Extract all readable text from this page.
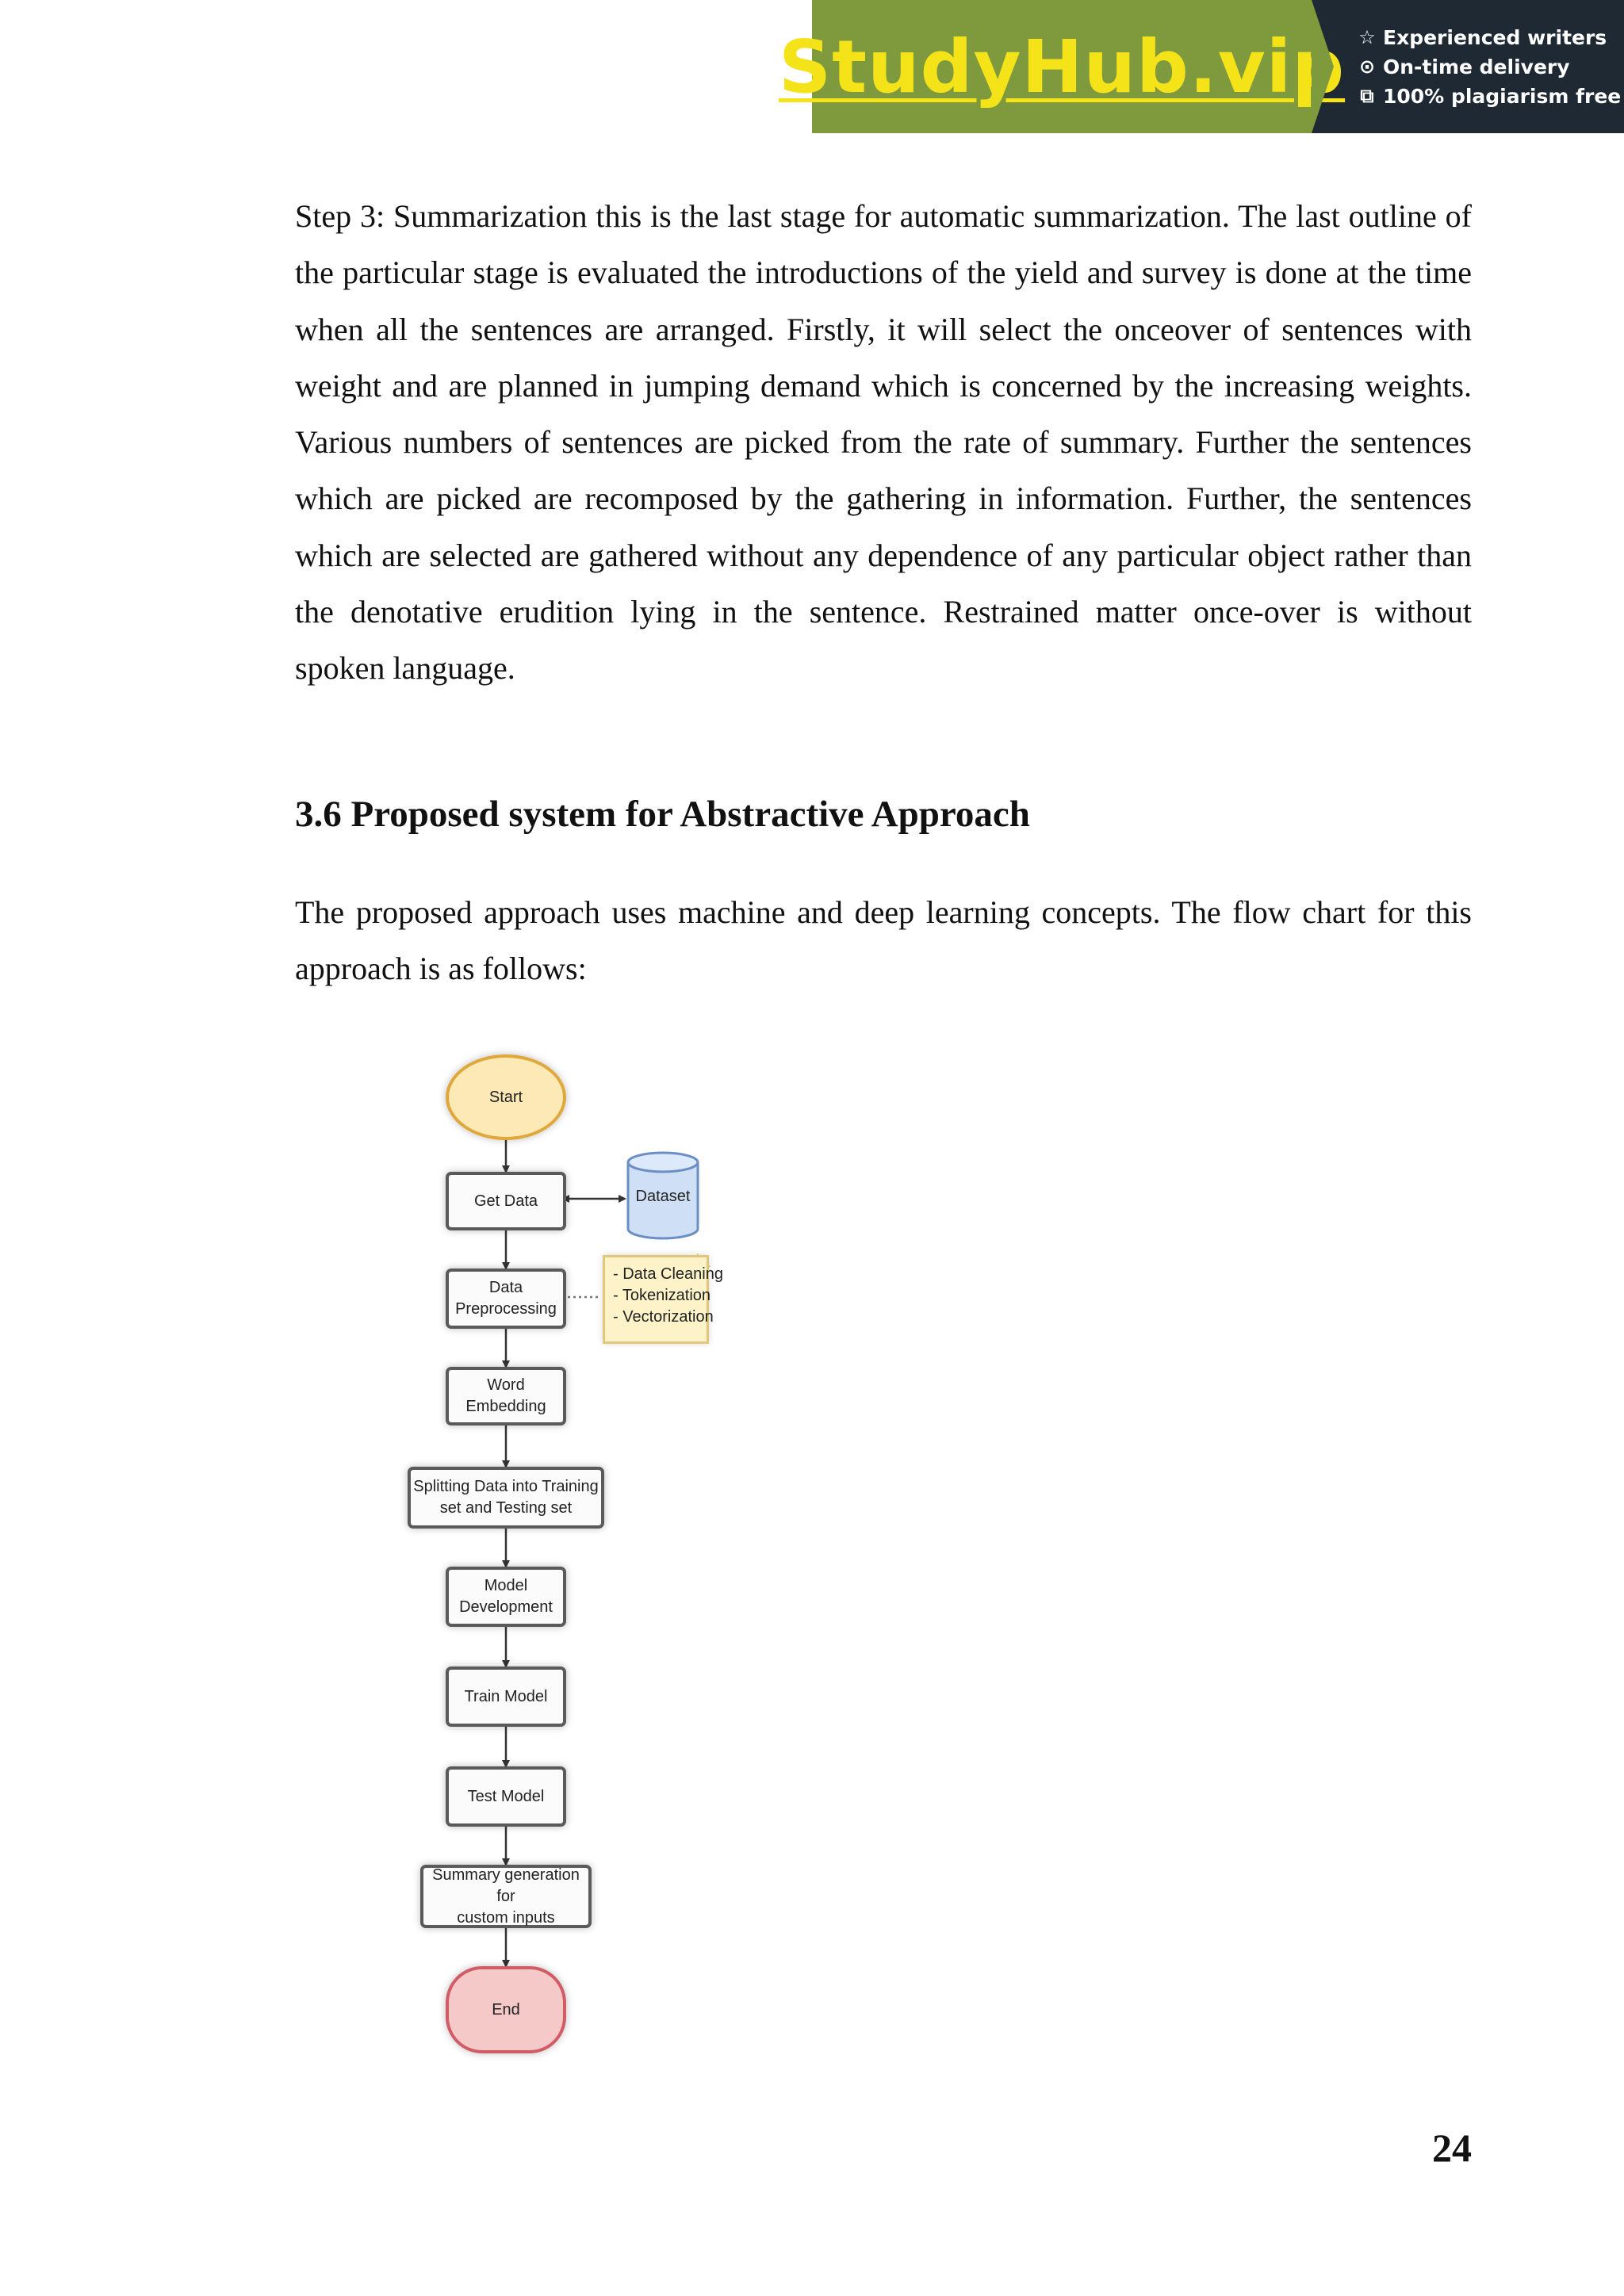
StudyHub.vip ☆ Experienced writers
⊙ On-time delivery
⧉ 100% plagiarism free

Step 3: Summarization this is the last stage for automatic summarization. The last outline of the particular stage is evaluated the introductions of the yield and survey is done at the time when all the sentences are arranged. Firstly, it will select the onceover of sentences with weight and are planned in jumping demand which is concerned by the increasing weights. Various numbers of sentences are picked from the rate of summary. Further the sentences which are picked are recomposed by the gathering in information. Further, the sentences which are selected are gathered without any dependence of any particular object rather than the denotative erudition lying in the sentence. Restrained matter once-over is without spoken language.

3.6 Proposed system for Abstractive Approach

The proposed approach uses machine and deep learning concepts. The flow chart for this approach is as follows:

Start
Get Data	Dataset
Data
Preprocessing
- Data Cleaning
- Tokenization
- Vectorization
Word Embedding
Splitting Data into Training
set and Testing set
Model
Development
Train Model
Test Model
Summary generation for
custom inputs
End
24
